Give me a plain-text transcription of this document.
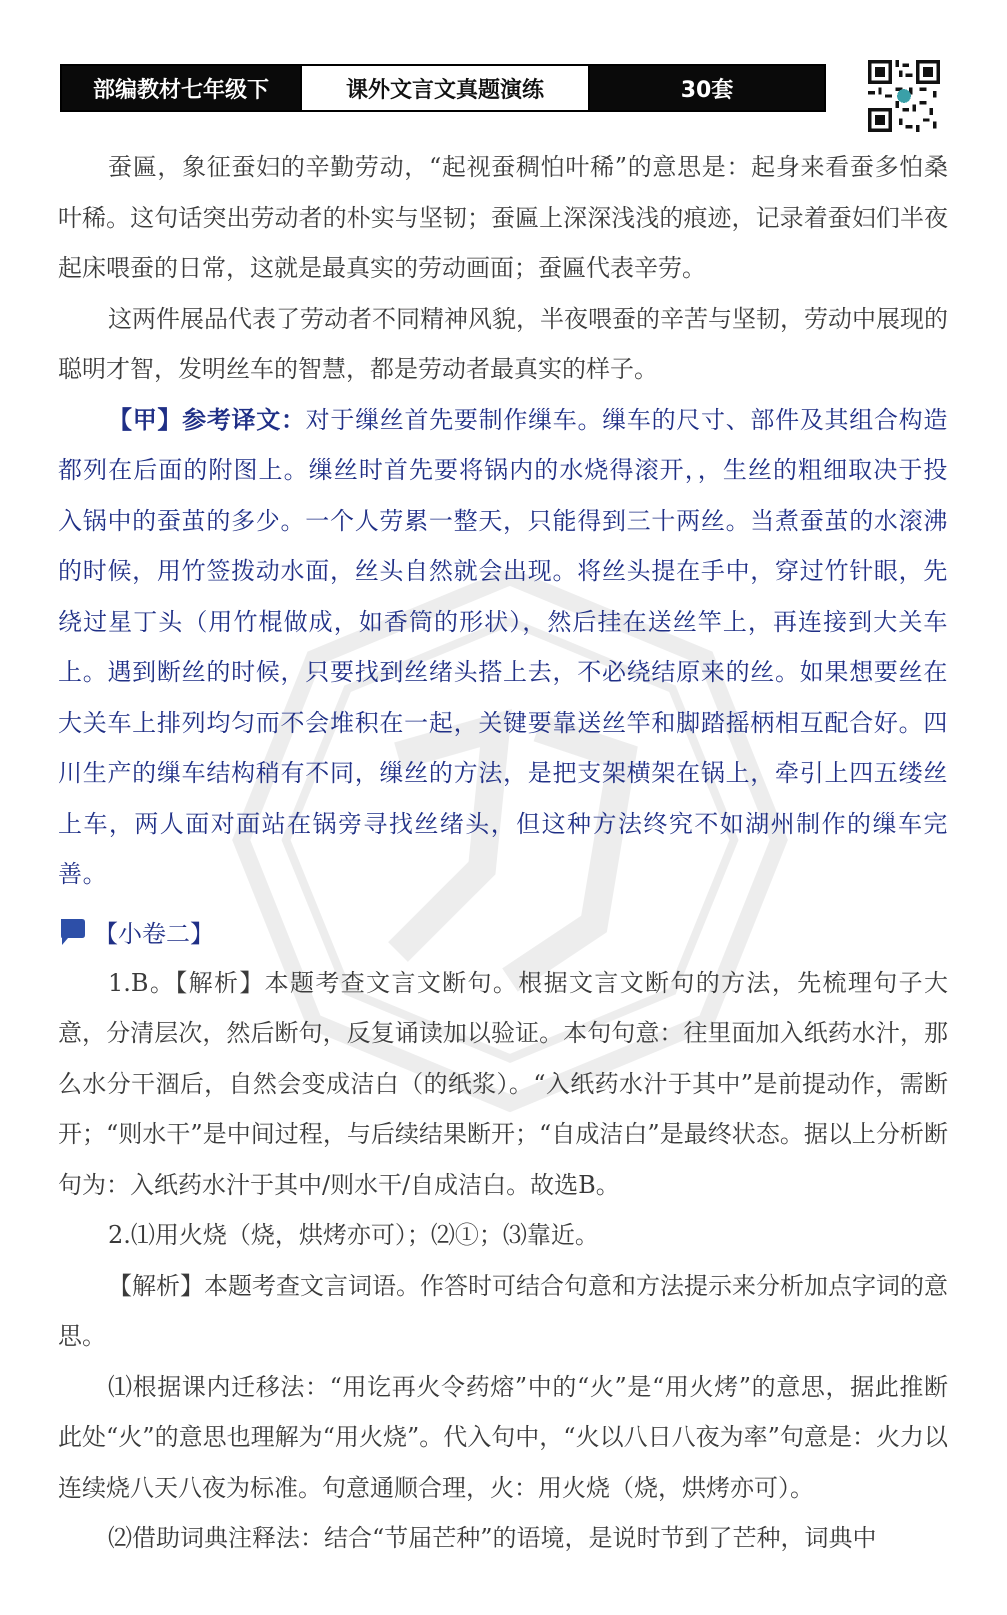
部编教材七年级下	课外文言文真题演练	30套

蚕匾，象征蚕妇的辛勤劳动，“起视蚕稠怕叶稀”的意思是：起身来看蚕多怕桑叶稀。这句话突出劳动者的朴实与坚韧；蚕匾上深深浅浅的痕迹，记录着蚕妇们半夜起床喂蚕的日常，这就是最真实的劳动画面；蚕匾代表辛劳。

这两件展品代表了劳动者不同精神风貌，半夜喂蚕的辛苦与坚韧，劳动中展现的聪明才智，发明丝车的智慧，都是劳动者最真实的样子。

【甲】参考译文：对于缫丝首先要制作缫车。缫车的尺寸、部件及其组合构造都列在后面的附图上。缫丝时首先要将锅内的水烧得滚开，，生丝的粗细取决于投入锅中的蚕茧的多少。一个人劳累一整天，只能得到三十两丝。当煮蚕茧的水滚沸的时候，用竹签拨动水面，丝头自然就会出现。将丝头提在手中，穿过竹针眼，先绕过星丁头（用竹棍做成，如香筒的形状），然后挂在送丝竿上，再连接到大关车上。遇到断丝的时候，只要找到丝绪头搭上去，不必绕结原来的丝。如果想要丝在大关车上排列均匀而不会堆积在一起，关键要靠送丝竿和脚踏摇柄相互配合好。四川生产的缫车结构稍有不同，缫丝的方法，是把支架横架在锅上，牵引上四五缕丝上车，两人面对面站在锅旁寻找丝绪头，但这种方法终究不如湖州制作的缫车完善。

【小卷二】

1.B。【解析】本题考查文言文断句。根据文言文断句的方法，先梳理句子大意，分清层次，然后断句，反复诵读加以验证。本句句意：往里面加入纸药水汁，那么水分干涸后，自然会变成洁白（的纸浆）。“入纸药水汁于其中”是前提动作，需断开；“则水干”是中间过程，与后续结果断开；“自成洁白”是最终状态。据以上分析断句为：入纸药水汁于其中/则水干/自成洁白。故选B。

2.⑴用火烧（烧，烘烤亦可）；⑵①；⑶靠近。

【解析】本题考查文言词语。作答时可结合句意和方法提示来分析加点字词的意思。

⑴根据课内迁移法：“用讫再火令药熔”中的“火”是“用火烤”的意思，据此推断此处“火”的意思也理解为“用火烧”。代入句中，“火以八日八夜为率”句意是：火力以连续烧八天八夜为标准。句意通顺合理，火：用火烧（烧，烘烤亦可）。

⑵借助词典注释法：结合“节届芒种”的语境，是说时节到了芒种，词典中
